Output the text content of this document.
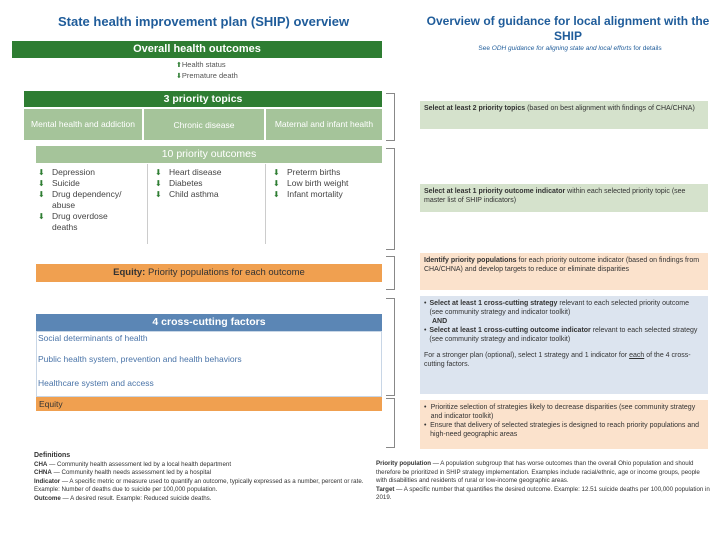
State health improvement plan (SHIP) overview
Overall health outcomes
⬆Health status
⬇Premature death
3 priority topics
Mental health and addiction	Chronic disease	Maternal and infant health
10 priority outcomes
⬇ Depression
⬇ Suicide
⬇ Drug dependency/ abuse
⬇ Drug overdose deaths
⬇ Heart disease
⬇ Diabetes
⬇ Child asthma
⬇ Preterm births
⬇ Low birth weight
⬇ Infant mortality
Equity: Priority populations for each outcome
4 cross-cutting factors
Social determinants of health
Public health system, prevention and health behaviors
Healthcare system and access
Equity
Overview of guidance for local alignment with the SHIP
See ODH guidance for aligning state and local efforts for details
Select at least 2 priority topics (based on best alignment with findings of CHA/CHNA)
Select at least 1 priority outcome indicator within each selected priority topic (see master list of SHIP indicators)
Identify priority populations for each priority outcome indicator (based on findings from CHA/CHNA) and develop targets to reduce or eliminate disparities
• Select at least 1 cross-cutting strategy relevant to each selected priority outcome (see community strategy and indicator toolkit)
AND
• Select at least 1 cross-cutting outcome indicator relevant to each selected strategy (see community strategy and indicator toolkit)
For a stronger plan (optional), select 1 strategy and 1 indicator for each of the 4 cross-cutting factors.
• Prioritize selection of strategies likely to decrease disparities (see community strategy and indicator toolkit)
• Ensure that delivery of selected strategies is designed to reach priority populations and high-need geographic areas
Definitions
CHA — Community health assessment led by a local health department
CHNA — Community health needs assessment led by a hospital
Indicator — A specific metric or measure used to quantify an outcome, typically expressed as a number, percent or rate. Example: Number of deaths due to suicide per 100,000 population.
Outcome — A desired result. Example: Reduced suicide deaths.
Priority population — A population subgroup that has worse outcomes than the overall Ohio population and should therefore be prioritized in SHIP strategy implementation. Examples include racial/ethnic, age or income groups, people with disabilities and residents of rural or low-income geographic areas.
Target — A specific number that quantifies the desired outcome. Example: 12.51 suicide deaths per 100,000 population in 2019.
